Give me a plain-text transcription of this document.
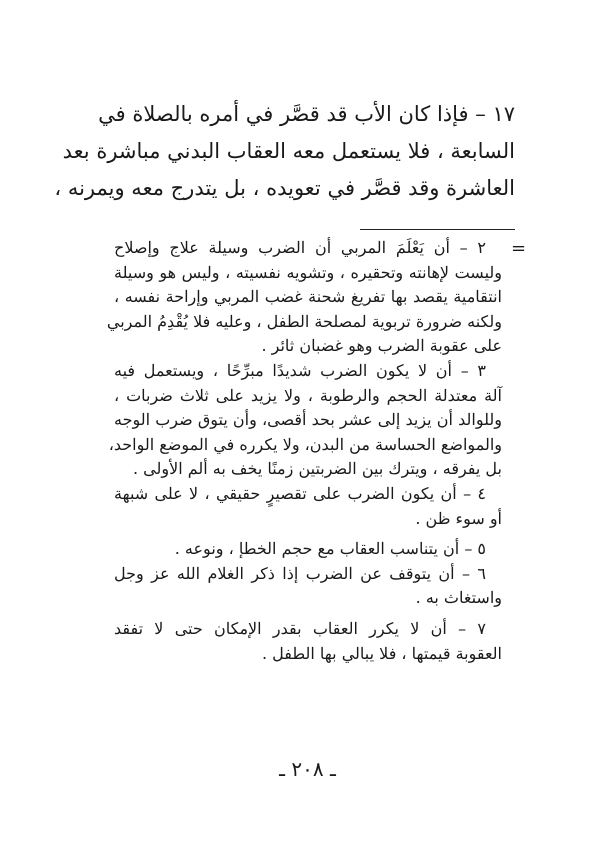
١٧ – فإذا كان الأب قد قصَّر في أمره بالصلاة في
السابعة ، فلا يستعمل معه العقاب البدني مباشرة بعد
العاشرة وقد قصَّر في تعويده ، بل يتدرج معه ويمرنه ،
=
٢ – أن يَعْلَمَ المربي أن الضرب وسيلة علاج وإصلاح
وليست لإهانته وتحقيره ، وتشويه نفسيته ، وليس هو وسيلة
انتقامية يقصد بها تفريغ شحنة غضب المربي وإراحة نفسه ،
ولكنه ضرورة تربوية لمصلحة الطفل ، وعليه فلا يُقْدِمُ المربي
على عقوبة الضرب وهو غضبان ثائر .
٣ – أن لا يكون الضرب شديدًا مبرِّحًا ، ويستعمل فيه
آلة معتدلة الحجم والرطوبة ، ولا يزيد على ثلاث ضربات ،
وللوالد أن يزيد إلى عشر بحد أقصى، وأن يتوق ضرب الوجه
والمواضع الحساسة من البدن، ولا يكرره في الموضع الواحد،
بل يفرقه ، ويترك بين الضربتين زمنًا يخف به ألم الأولى .
٤ – أن يكون الضرب على تقصيرٍ حقيقي ، لا على شبهة
أو سوء ظن .
٥ – أن يتناسب العقاب مع حجم الخطإ ، ونوعه .
٦ – أن يتوقف عن الضرب إذا ذكر الغلام الله عز وجل
واستغاث به .
٧ – أن لا يكرر العقاب بقدر الإمكان حتى لا تفقد
العقوبة قيمتها ، فلا يبالي بها الطفل .
ـ ٢٠٨ ـ
